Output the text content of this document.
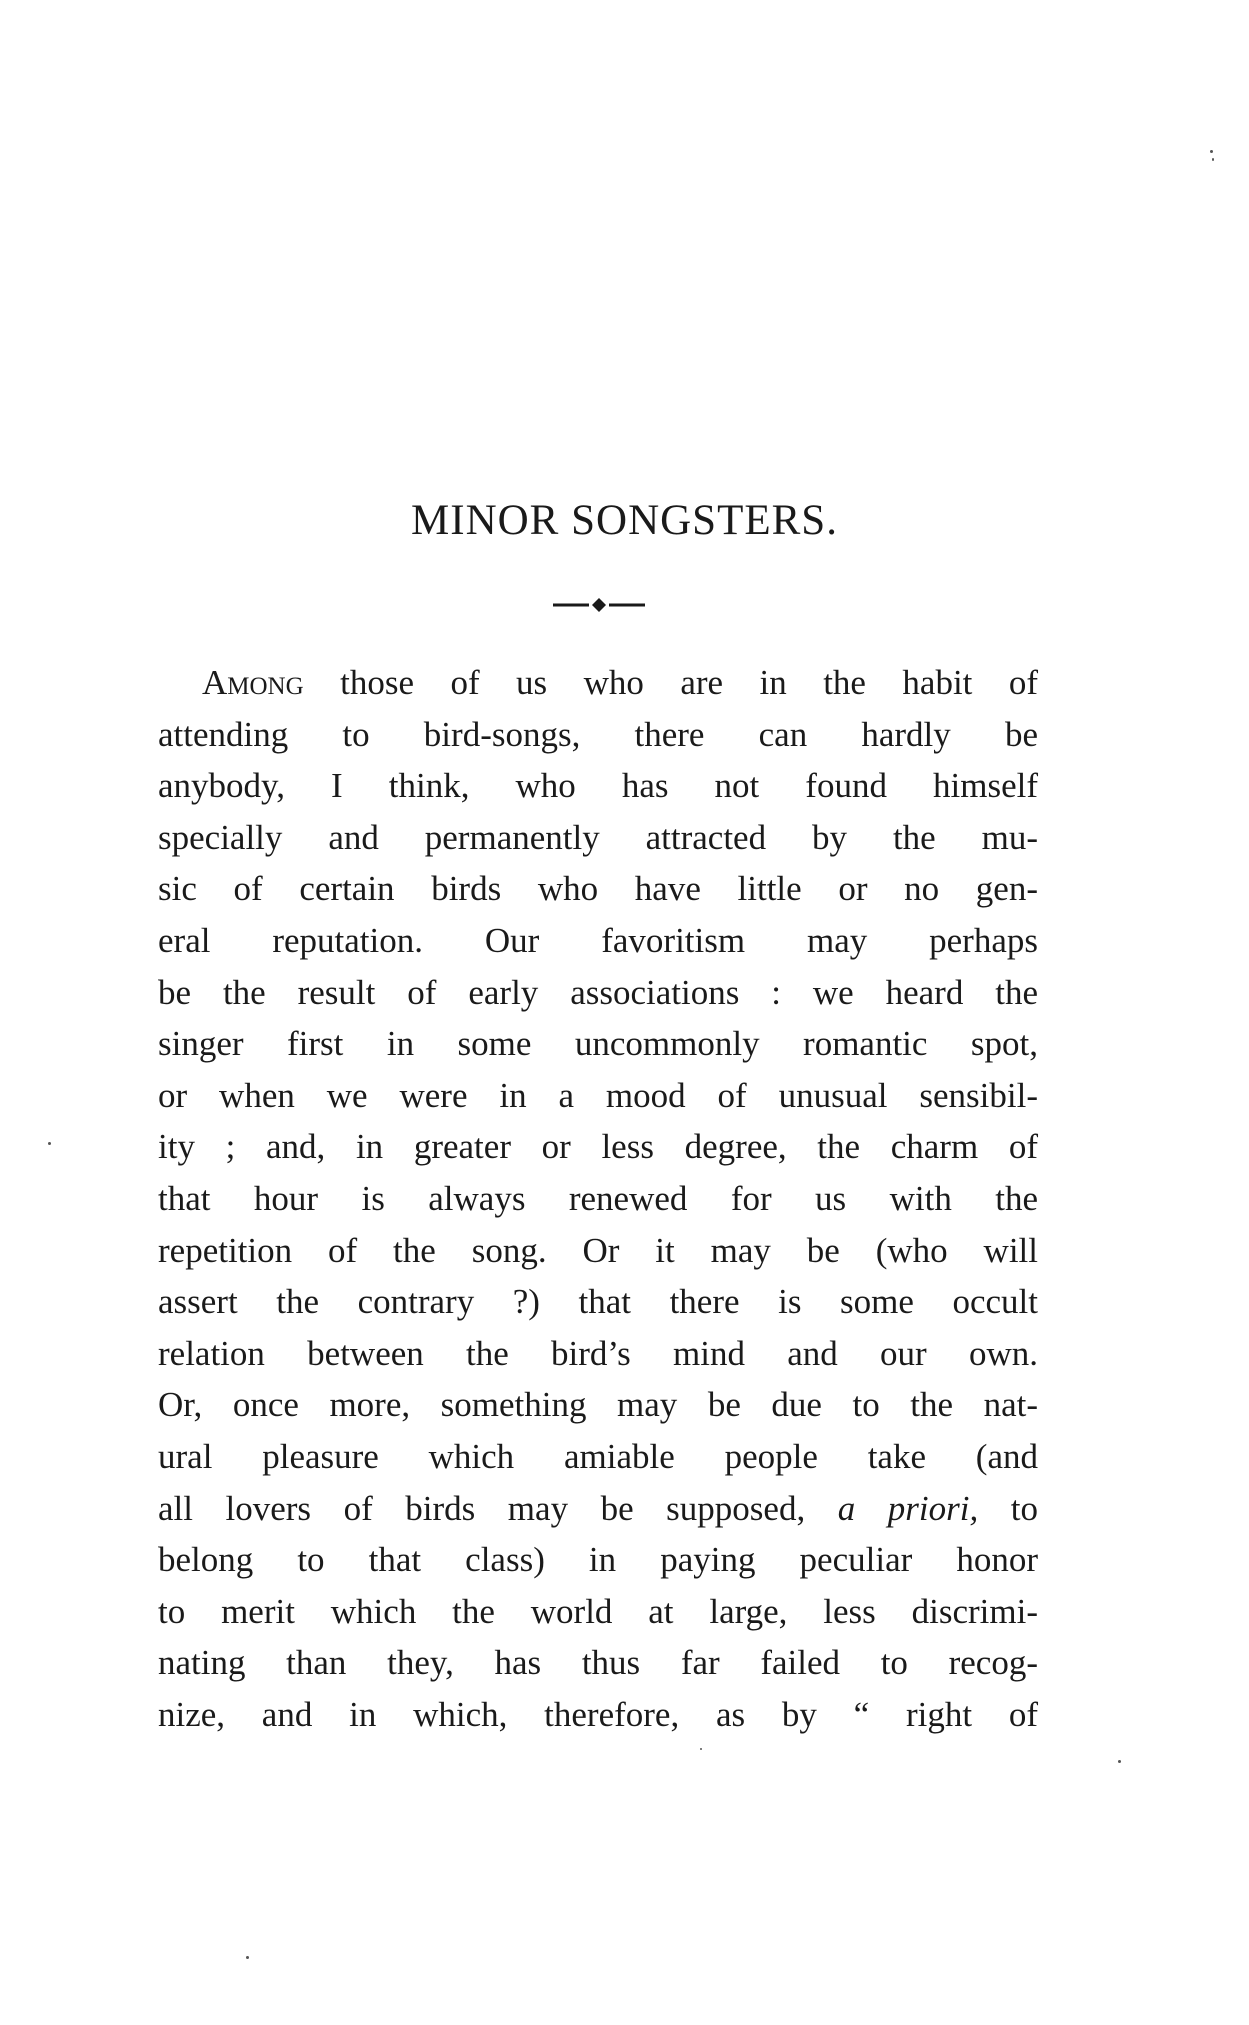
MINOR SONGSTERS.
Among those of us who are in the habit of
attending to bird-songs, there can hardly be
anybody, I think, who has not found himself
specially and permanently attracted by the mu-
sic of certain birds who have little or no gen-
eral reputation. Our favoritism may perhaps
be the result of early associations : we heard the
singer first in some uncommonly romantic spot,
or when we were in a mood of unusual sensibil-
ity ; and, in greater or less degree, the charm of
that hour is always renewed for us with the
repetition of the song. Or it may be (who will
assert the contrary ?) that there is some occult
relation between the bird’s mind and our own.
Or, once more, something may be due to the nat-
ural pleasure which amiable people take (and
all lovers of birds may be supposed, a priori, to
belong to that class) in paying peculiar honor
to merit which the world at large, less discrimi-
nating than they, has thus far failed to recog-
nize, and in which, therefore, as by “ right of
